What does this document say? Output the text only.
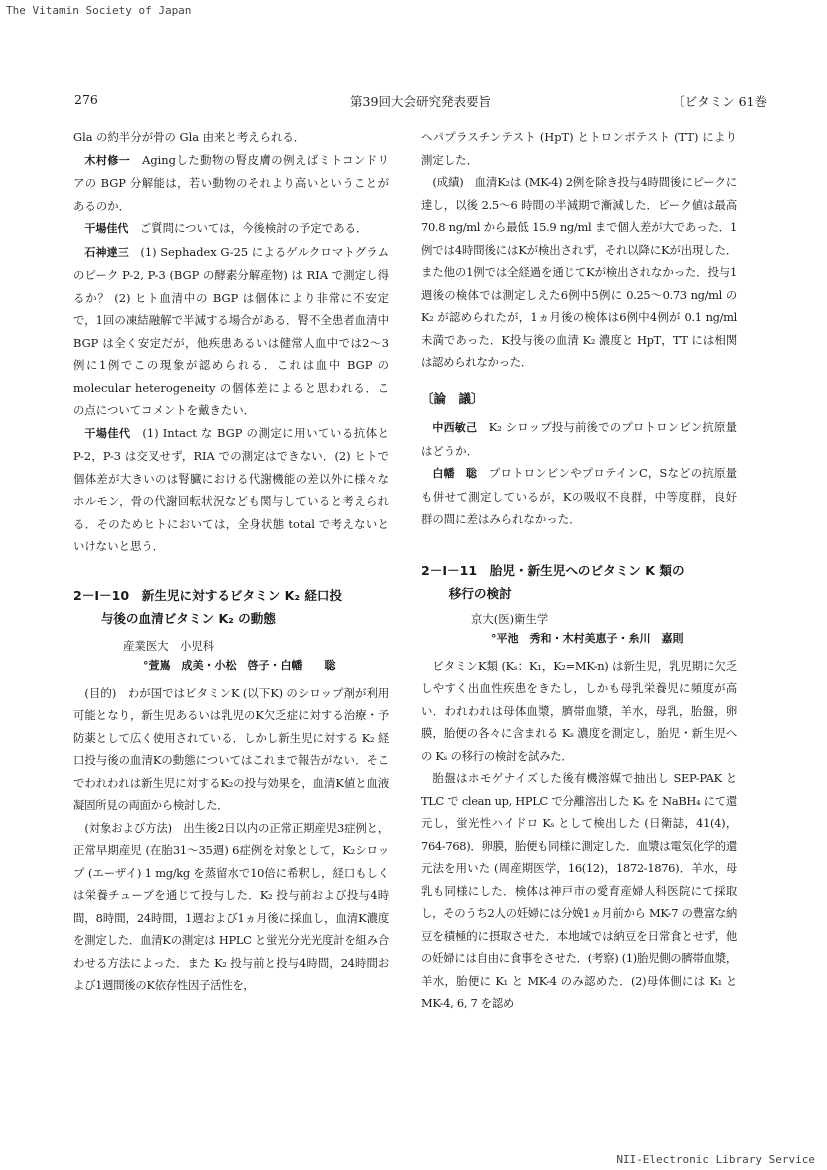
The Vitamin Society of Japan
276	第39回大会研究発表要旨	〔ビタミン 61巻

Gla の約半分が骨の Gla 由来と考えられる．

木村修一　Agingした動物の腎皮膚の例えばミトコンドリアの BGP 分解能は，若い動物のそれより高いということがあるのか．

干場佳代　ご質問については，今後検討の予定である．

石神達三　(1) Sephadex G-25 によるゲルクロマトグラムのピーク P-2, P-3 (BGP の酵素分解産物) は RIA で測定し得るか？ (2) ヒト血清中の BGP は個体により非常に不安定で，1回の凍結融解で半減する場合がある．腎不全患者血清中 BGP は全く安定だが，他疾患あるいは健常人血中では2～3例に1例でこの現象が認められる．これは血中 BGP の molecular heterogeneity の個体差によると思われる．この点についてコメントを戴きたい．

干場佳代　(1) Intact な BGP の測定に用いている抗体と P-2，P-3 は交叉せず，RIA での測定はできない．(2) ヒトで個体差が大きいのは腎臓における代謝機能の差以外に様々なホルモン，骨の代謝回転状況なども関与していると考えられる．そのためヒトにおいては，全身状態 total で考えないといけないと思う．

2－Ⅰ－10　 新生児に対するビタミン K₂ 経口投
与後の血清ビタミン K₂ の動態

産業医大　小児科

°萱嶌　成美・小松　啓子・白幡　　聡

(目的)　わが国ではビタミンK (以下K) のシロップ剤が利用可能となり，新生児あるいは乳児のK欠乏症に対する治療・予防薬として広く使用されている．しかし新生児に対する K₂ 経口投与後の血清Kの動態についてはこれまで報告がない．そこでわれわれは新生児に対するK₂の投与効果を，血清K値と血液凝固所見の両面から検討した．

(対象および方法)　出生後2日以内の正常正期産児3症例と，正常早期産児 (在胎31～35週) 6症例を対象として，K₂シロップ (エーザイ) 1 mg/kg を蒸留水で10倍に希釈し，経口もしくは栄養チューブを通じて投与した．K₂ 投与前および投与4時間，8時間，24時間，1週および1ヵ月後に採血し，血清K濃度を測定した．血清Kの測定は HPLC と蛍光分光光度計を組み合わせる方法によった．また K₂ 投与前と投与4時間，24時間および1週間後のK依存性因子活性を，

ヘパプラスチンテスト (HpT) とトロンボテスト (TT) により測定した．

(成績)　血清K₂は (MK-4) 2例を除き投与4時間後にピークに達し，以後 2.5～6 時間の半減期で漸減した．ピーク値は最高 70.8 ng/ml から最低 15.9 ng/ml まで個人差が大であった．1例では4時間後にはKが検出されず，それ以降にKが出現した．また他の1例では全経過を通じてKが検出されなかった．投与1週後の検体では測定しえた6例中5例に 0.25～0.73 ng/ml の K₂ が認められたが，1ヵ月後の検体は6例中4例が 0.1 ng/ml 未満であった．K投与後の血清 K₂ 濃度と HpT，TT には相関は認められなかった．

〔論　議〕

中西敏己　K₂ シロップ投与前後でのプロトロンビン抗原量はどうか．

白幡　聡　プロトロンビンやプロテインC，Sなどの抗原量も併せて測定しているが，Kの吸収不良群，中等度群，良好群の間に差はみられなかった．

2－Ⅰ－11　 胎児・新生児へのビタミン K 類の
移行の検討

京大(医)衛生学

°平池　秀和・木村美恵子・糸川　嘉則

ビタミンK類 (Kₛ：K₁，K₂=MK-n) は新生児，乳児期に欠乏しやすく出血性疾患をきたし，しかも母乳栄養児に頻度が高い．われわれは母体血漿，臍帯血漿，羊水，母乳，胎盤，卵膜，胎便の各々に含まれる Kₛ 濃度を測定し，胎児・新生児への Kₛ の移行の検討を試みた．

胎盤はホモゲナイズした後有機溶媒で抽出し SEP-PAK と TLC で clean up, HPLC で分離溶出した Kₛ を NaBH₄ にて還元し，蛍光性ハイドロ Kₛ として検出した (日衛誌，41(4)，764-768)．卵膜，胎便も同様に測定した．血漿は電気化学的還元法を用いた (周産期医学，16(12)，1872-1876)．羊水，母乳も同様にした．検体は神戸市の愛育産婦人科医院にて採取し，そのうち2人の妊婦には分娩1ヵ月前から MK-7 の豊富な納豆を積極的に摂取させた．本地域では納豆を日常食とせず，他の妊婦には自由に食事をさせた．(考察) (1)胎児側の臍帯血漿，羊水，胎便に K₁ と MK-4 のみ認めた．(2)母体側には K₁ と MK-4, 6, 7 を認め

NII-Electronic Library Service
